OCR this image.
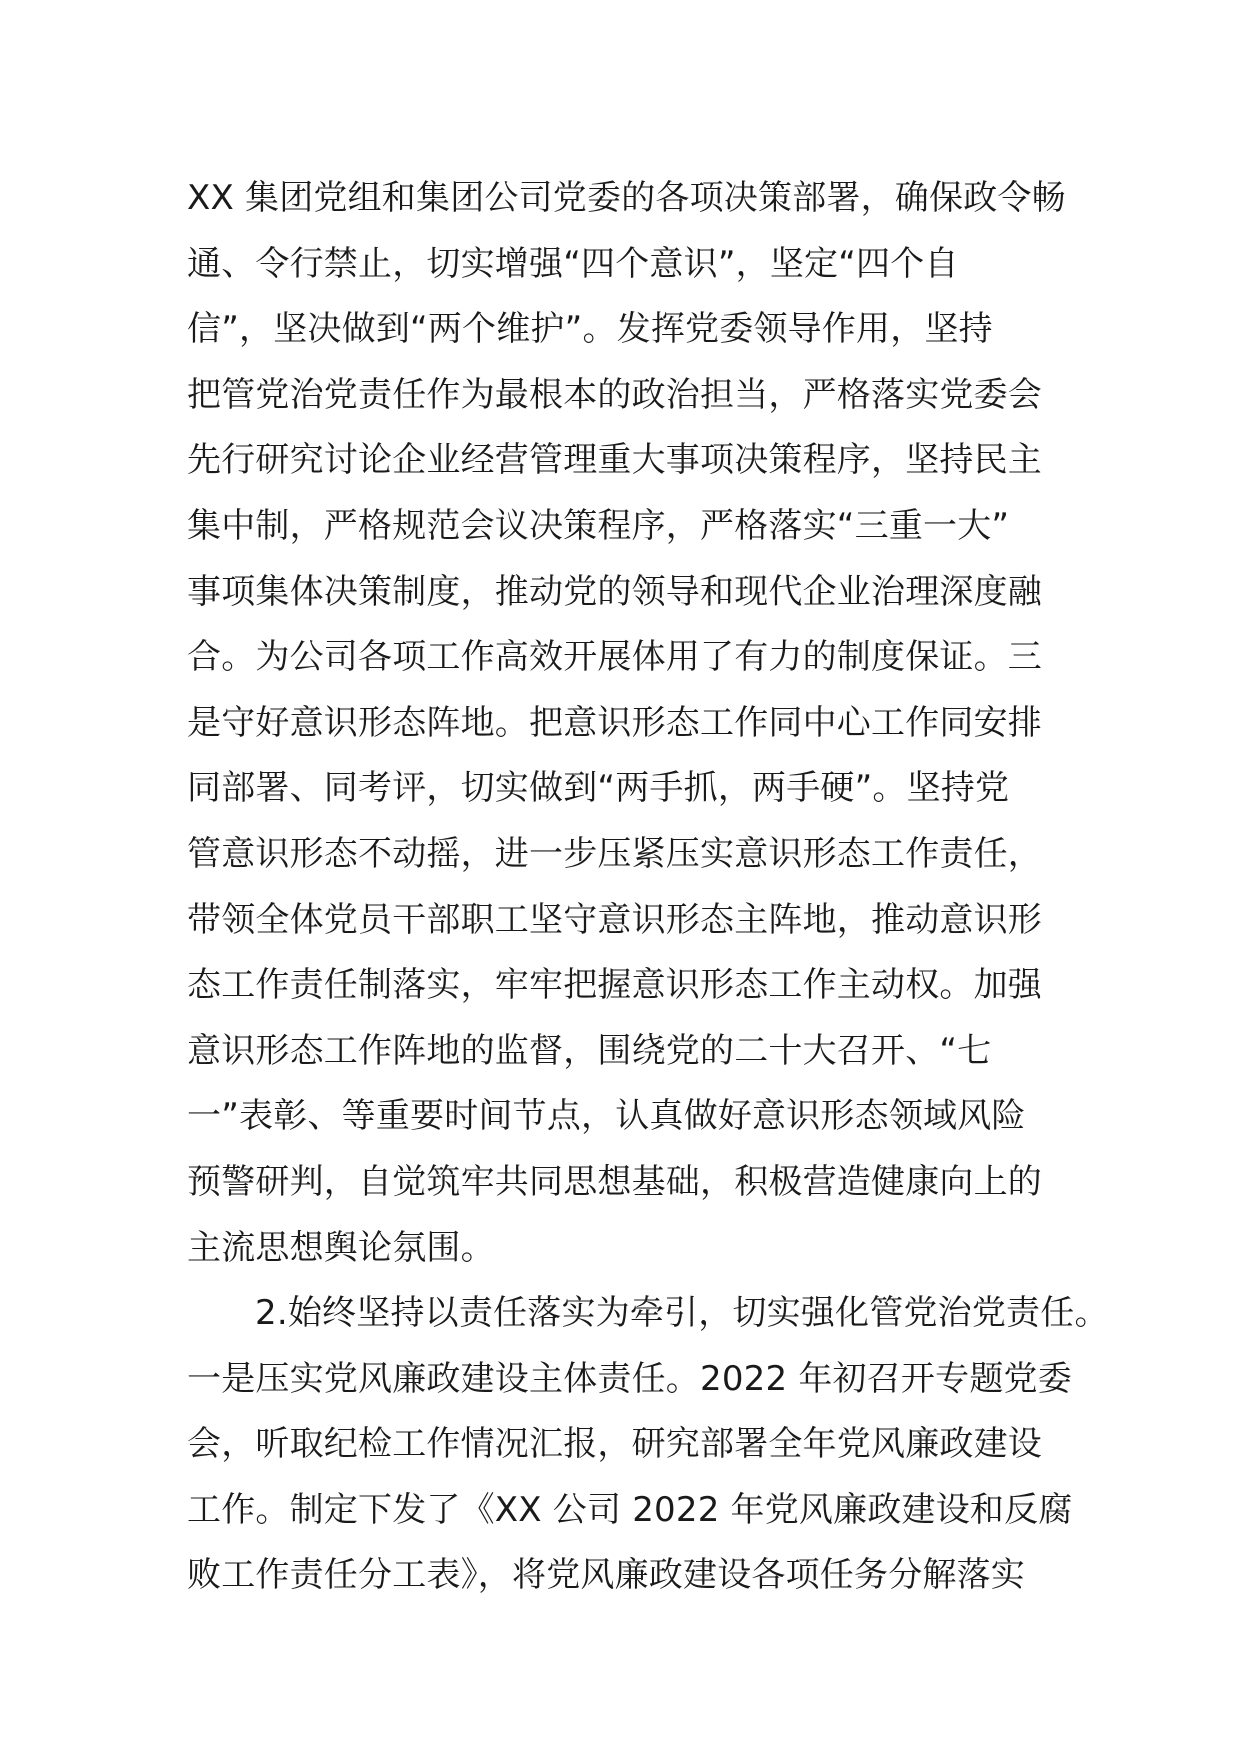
XX 集团党组和集团公司党委的各项决策部署，确保政令畅
通、令行禁止，切实增强“四个意识”，坚定“四个自
信”，坚决做到“两个维护”。发挥党委领导作用，坚持
把管党治党责任作为最根本的政治担当，严格落实党委会
先行研究讨论企业经营管理重大事项决策程序，坚持民主
集中制，严格规范会议决策程序，严格落实“三重一大”
事项集体决策制度，推动党的领导和现代企业治理深度融
合。为公司各项工作高效开展体用了有力的制度保证。三
是守好意识形态阵地。把意识形态工作同中心工作同安排
同部署、同考评，切实做到“两手抓，两手硬”。坚持党
管意识形态不动摇，进一步压紧压实意识形态工作责任，
带领全体党员干部职工坚守意识形态主阵地，推动意识形
态工作责任制落实，牢牢把握意识形态工作主动权。加强
意识形态工作阵地的监督，围绕党的二十大召开、“七
一”表彰、等重要时间节点，认真做好意识形态领域风险
预警研判，自觉筑牢共同思想基础，积极营造健康向上的
主流思想舆论氛围。
2.始终坚持以责任落实为牵引，切实强化管党治党责任。
一是压实党风廉政建设主体责任。2022 年初召开专题党委
会，听取纪检工作情况汇报，研究部署全年党风廉政建设
工作。制定下发了《XX 公司 2022 年党风廉政建设和反腐
败工作责任分工表》，将党风廉政建设各项任务分解落实
